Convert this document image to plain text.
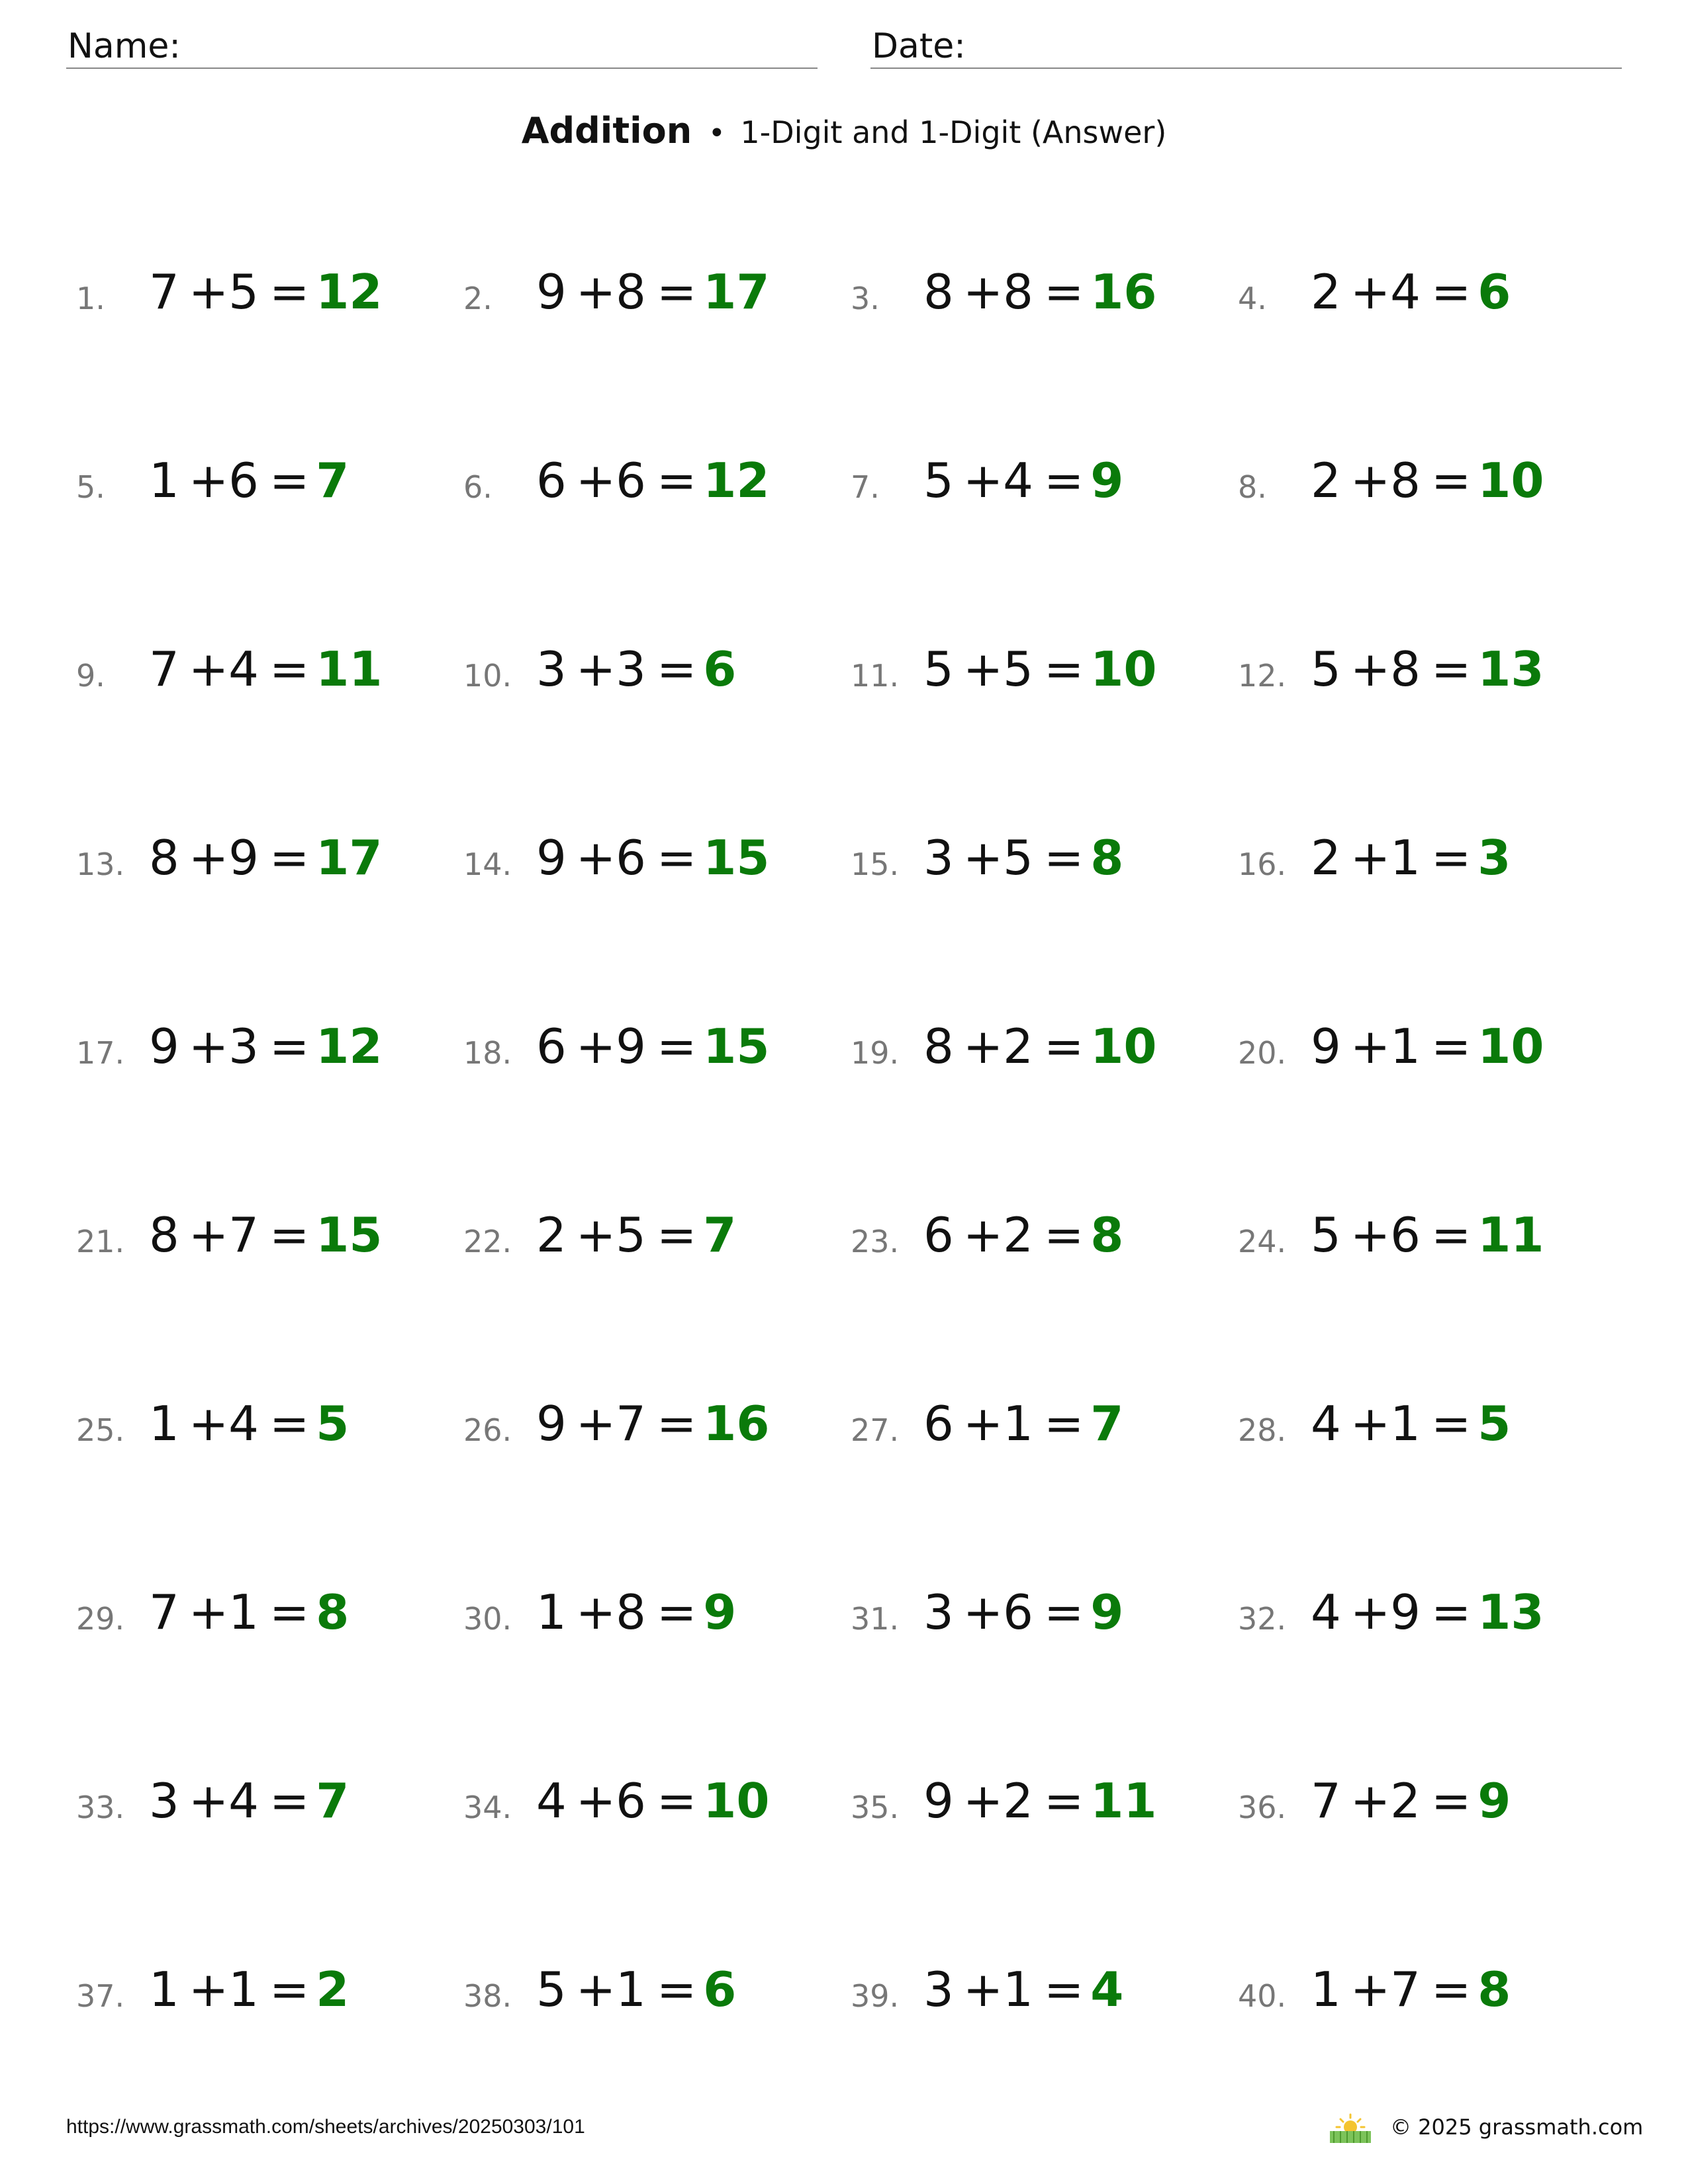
Name:	Date:
Addition • 1-Digit and 1-Digit (Answer)
1. 7 +5 = 12	2. 9 +8 = 17	3. 8 +8 = 16	4. 2 +4 = 6
5. 1 +6 = 7	6. 6 +6 = 12	7. 5 +4 = 9	8. 2 +8 = 10
9. 7 +4 = 11	10. 3 +3 = 6	11. 5 +5 = 10	12. 5 +8 = 13
13. 8 +9 = 17	14. 9 +6 = 15	15. 3 +5 = 8	16. 2 +1 = 3
17. 9 +3 = 12	18. 6 +9 = 15	19. 8 +2 = 10	20. 9 +1 = 10
21. 8 +7 = 15	22. 2 +5 = 7	23. 6 +2 = 8	24. 5 +6 = 11
25. 1 +4 = 5	26. 9 +7 = 16	27. 6 +1 = 7	28. 4 +1 = 5
29. 7 +1 = 8	30. 1 +8 = 9	31. 3 +6 = 9	32. 4 +9 = 13
33. 3 +4 = 7	34. 4 +6 = 10	35. 9 +2 = 11	36. 7 +2 = 9
37. 1 +1 = 2	38. 5 +1 = 6	39. 3 +1 = 4	40. 1 +7 = 8
https://www.grassmath.com/sheets/archives/20250303/101	© 2025 grassmath.com
